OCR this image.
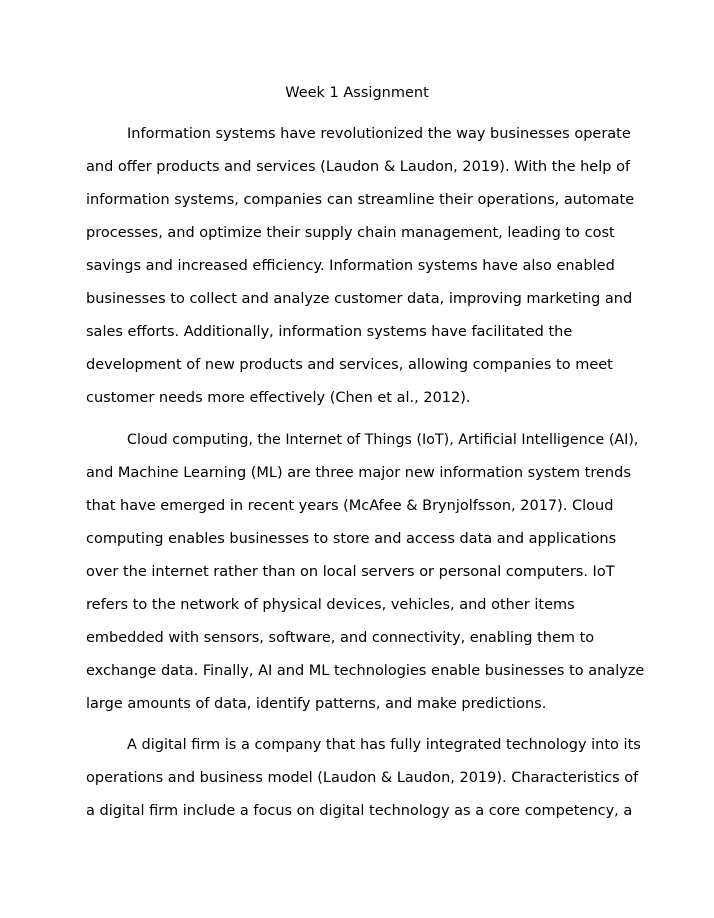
Week 1 Assignment
Information systems have revolutionized the way businesses operate
and offer products and services (Laudon & Laudon, 2019). With the help of
information systems, companies can streamline their operations, automate
processes, and optimize their supply chain management, leading to cost
savings and increased efficiency. Information systems have also enabled
businesses to collect and analyze customer data, improving marketing and
sales efforts. Additionally, information systems have facilitated the
development of new products and services, allowing companies to meet
customer needs more effectively (Chen et al., 2012).
Cloud computing, the Internet of Things (IoT), Artificial Intelligence (AI),
and Machine Learning (ML) are three major new information system trends
that have emerged in recent years (McAfee & Brynjolfsson, 2017). Cloud
computing enables businesses to store and access data and applications
over the internet rather than on local servers or personal computers. IoT
refers to the network of physical devices, vehicles, and other items
embedded with sensors, software, and connectivity, enabling them to
exchange data. Finally, AI and ML technologies enable businesses to analyze
large amounts of data, identify patterns, and make predictions.
A digital firm is a company that has fully integrated technology into its
operations and business model (Laudon & Laudon, 2019). Characteristics of
a digital firm include a focus on digital technology as a core competency, a
